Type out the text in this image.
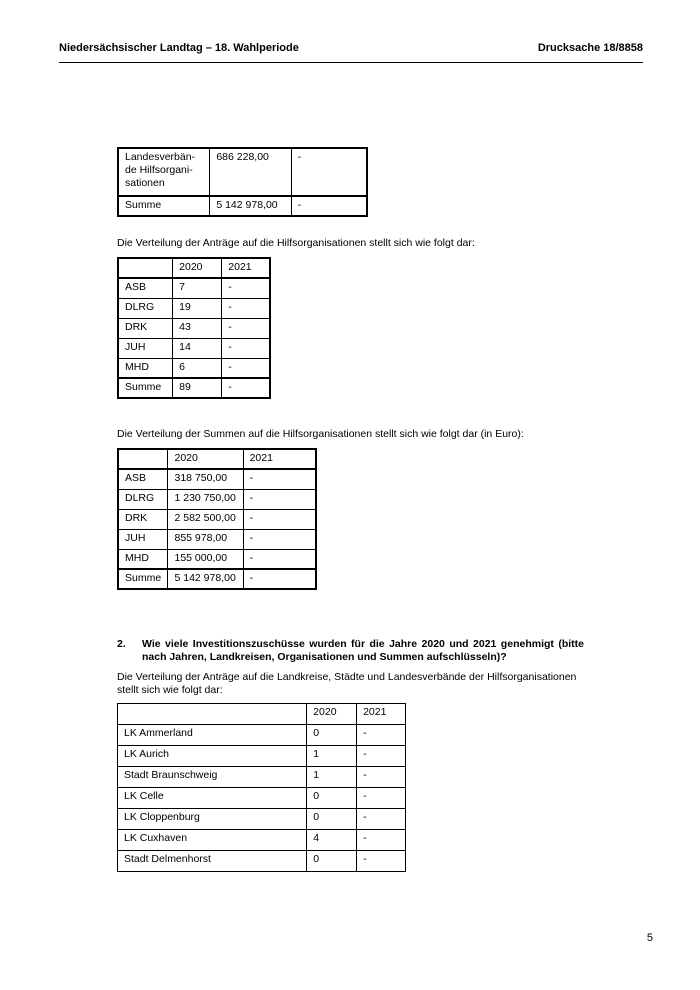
Niedersächsischer Landtag – 18. Wahlperiode	Drucksache 18/8858
Landesverbän-
de Hilfsorgani-
sationen	686 228,00	-
Summe	5 142 978,00	-
Die Verteilung der Anträge auf die Hilfsorganisationen stellt sich wie folgt dar:
	2020	2021
ASB	7	-
DLRG	19	-
DRK	43	-
JUH	14	-
MHD	6	-
Summe	89	-
Die Verteilung der Summen auf die Hilfsorganisationen stellt sich wie folgt dar (in Euro):
	2020	2021
ASB	318 750,00	-
DLRG	1 230 750,00	-
DRK	2 582 500,00	-
JUH	855 978,00	-
MHD	155 000,00	-
Summe	5 142 978,00	-
2. Wie viele Investitionszuschüsse wurden für die Jahre 2020 und 2021 genehmigt (bitte nach Jahren, Landkreisen, Organisationen und Summen aufschlüsseln)?
Die Verteilung der Anträge auf die Landkreise, Städte und Landesverbände der Hilfsorganisationen stellt sich wie folgt dar:
	2020	2021
LK Ammerland	0	-
LK Aurich	1	-
Stadt Braunschweig	1	-
LK Celle	0	-
LK Cloppenburg	0	-
LK Cuxhaven	4	-
Stadt Delmenhorst	0	-
5
